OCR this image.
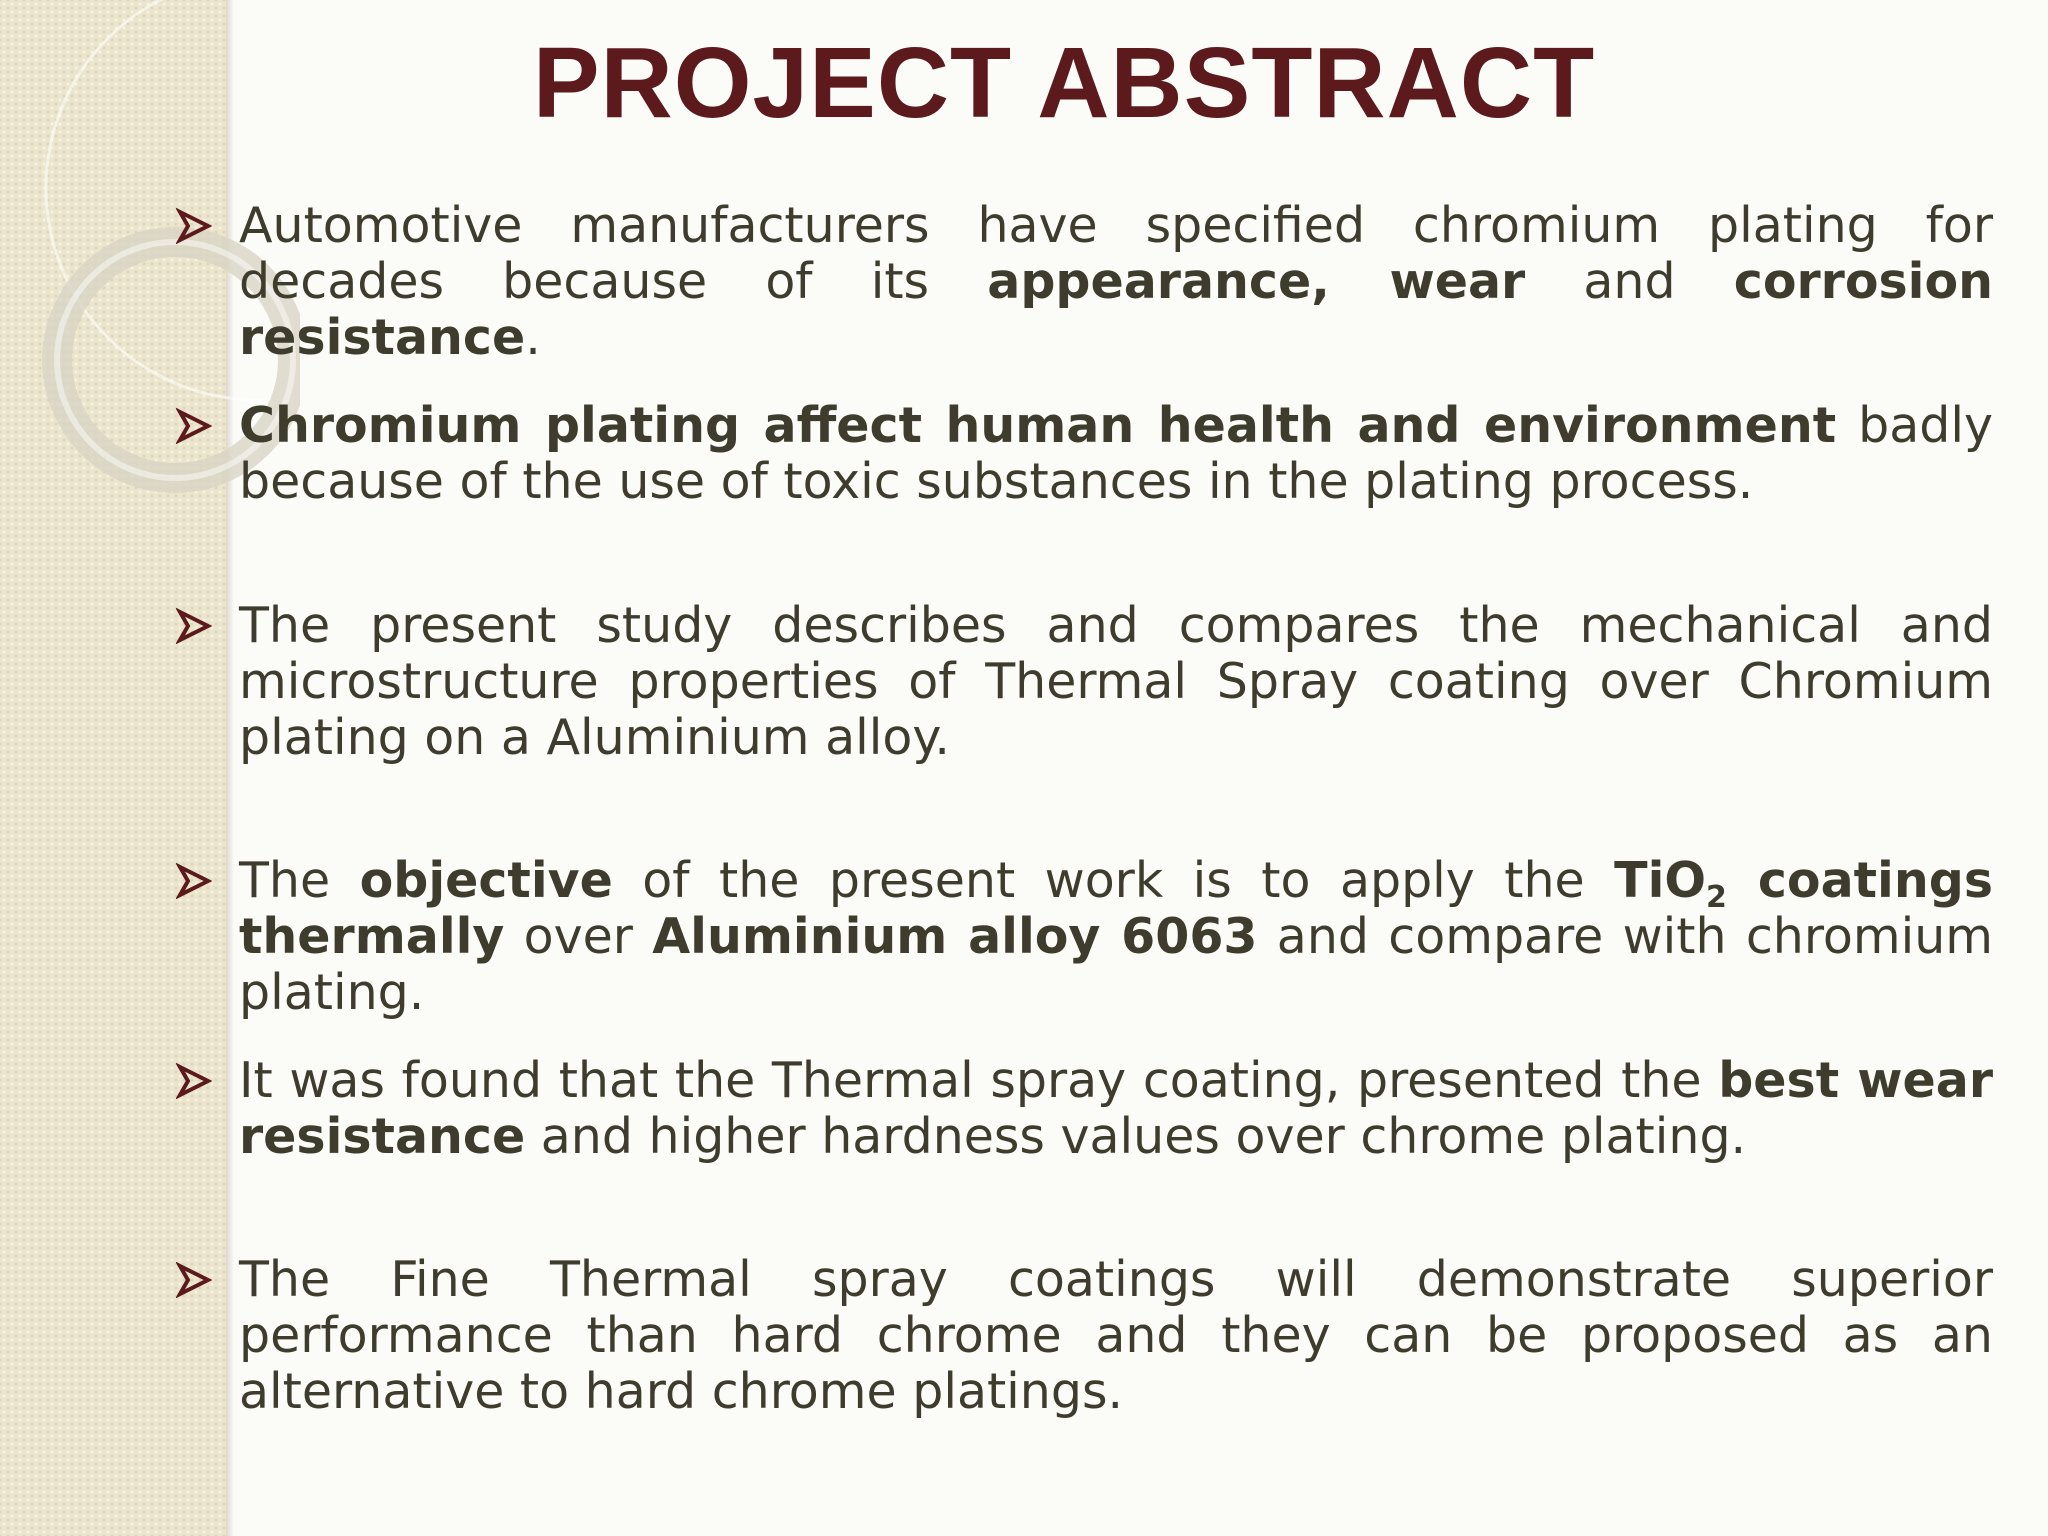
PROJECT ABSTRACT
Automotive manufacturers have specified chromium plating for decades because of its appearance, wear and corrosion resistance.
Chromium plating affect human health and environment badly because of the use of toxic substances in the plating process.
The present study describes and compares the mechanical and microstructure properties of Thermal Spray coating over Chromium plating on a Aluminium alloy.
The objective of the present work is to apply the TiO$_2$ coatings thermally over Aluminium alloy 6063 and compare with chromium plating.
It was found that the Thermal spray coating, presented the best wear resistance and higher hardness values over chrome plating.
The Fine Thermal spray coatings will demonstrate superior performance than hard chrome and they can be proposed as an alternative to hard chrome platings.
